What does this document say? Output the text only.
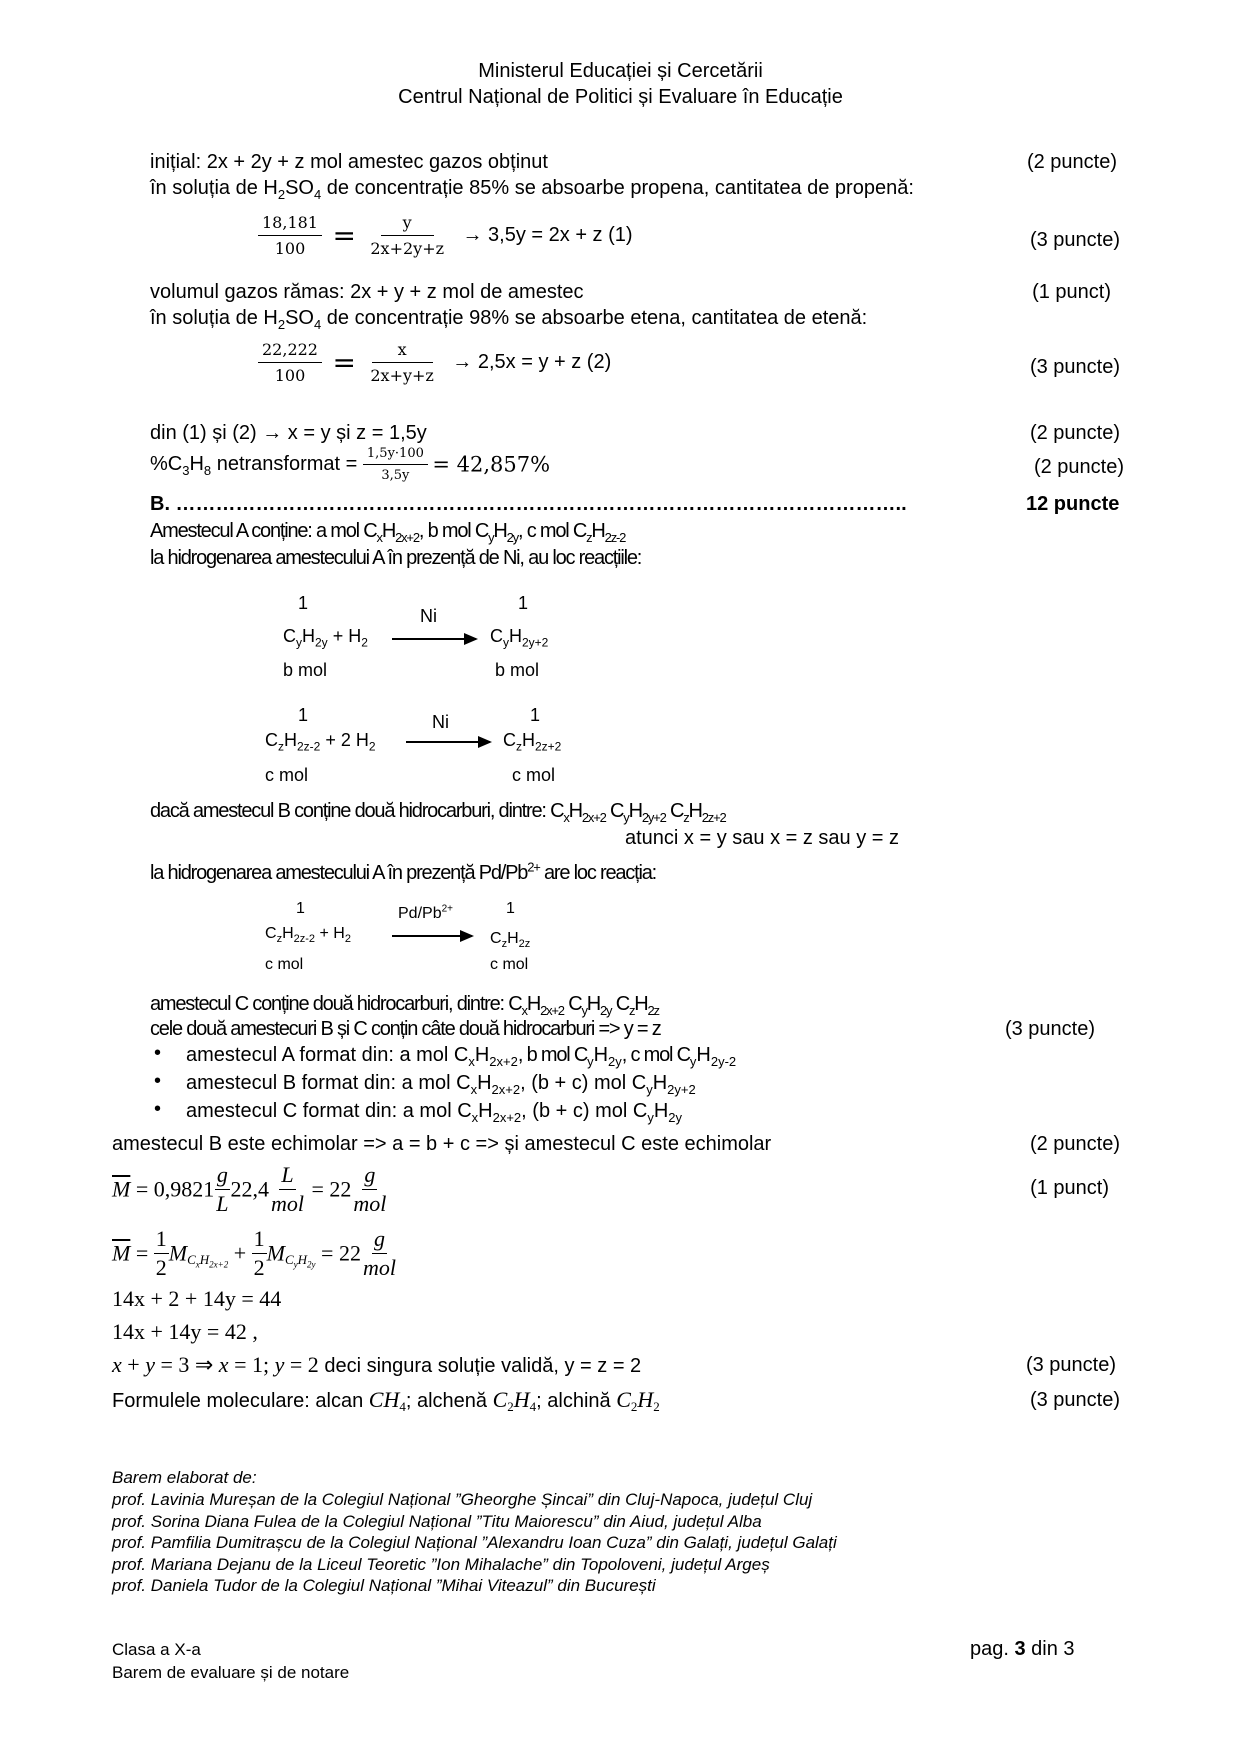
Ministerul Educației și Cercetării
Centrul Național de Politici și Evaluare în Educație
inițial: 2x + 2y + z mol amestec gazos obținut	(2 puncte)
în soluția de $H_2SO_4$ de concentrație 85% se absoarbe propena, cantitatea de propenă:
$\frac{18,181}{100} = \frac{y}{2x+2y+z} \to 3,5y = 2x + z$ (1)	(3 puncte)
volumul gazos rămas: 2x + y + z mol de amestec	(1 punct)
în soluția de $H_2SO_4$ de concentrație 98% se absoarbe etena, cantitatea de etenă:
$\frac{22,222}{100} = \frac{x}{2x+y+z} \to 2,5x = y + z$ (2)	(3 puncte)
din (1) și (2) → x = y și z = 1,5y	(2 puncte)
$\%C_3H_8$ netransformat = $\frac{1,5y\cdot 100}{3,5y} = 42,857\%$	(2 puncte)
B. ………………………………………………………………………………………………..	12 puncte
Amestecul A conține: a mol $C_xH_{2x+2}$, b mol $C_yH_{2y}$, c mol $C_zH_{2z-2}$
la hidrogenarea amestecului A în prezență de Ni, au loc reacțiile:
1	1
Ni
$C_yH_{2y} + H_2$	$C_yH_{2y+2}$
b mol	b mol
1	1
Ni
$C_zH_{2z-2} + 2$ $H_2$	$C_zH_{2z+2}$
c mol	c mol
dacă amestecul B conține două hidrocarburi, dintre: $C_xH_{2x+2}$ $C_yH_{2y+2}$ $C_zH_{2z+2}$
atunci x = y sau x = z sau y = z
la hidrogenarea amestecului A în prezență $Pd/Pb^{2+}$ are loc reacția:
1	1
$Pd/Pb^{2+}$
$C_zH_{2z-2} + H_2$	$C_zH_{2z}$
c mol	c mol
amestecul C conține două hidrocarburi, dintre: $C_xH_{2x+2}$ $C_yH_{2y}$ $C_zH_{2z}$
cele două amestecuri B și C conțin câte două hidrocarburi => y = z	(3 puncte)
• amestecul A format din: a mol $C_xH_{2x+2}$, b mol $C_yH_{2y}$, c mol $C_yH_{2y-2}$
• amestecul B format din: a mol $C_xH_{2x+2}$, (b + c) mol $C_yH_{2y+2}$
• amestecul C format din: a mol $C_xH_{2x+2}$, (b + c) mol $C_yH_{2y}$
amestecul B este echimolar => a = b + c => și amestecul C este echimolar	(2 puncte)
$\overline{M} = 0,9821 \frac{g}{L} 22,4 \frac{L}{\text{mol}} = 22 \frac{g}{\text{mol}}$	(1 punct)
$\overline{M} = \frac{1}{2} M_{C_xH_{2x+2}} + \frac{1}{2} M_{C_yH_{2y}} = 22 \frac{g}{\text{mol}}$
14x + 2 + 14y = 44
14x + 14y = 42 ,
x + y = 3 ⇒ x = 1; y = 2 deci singura soluție validă, y = z = 2	(3 puncte)
Formulele moleculare: alcan $CH_4$; alchenă $C_2H_4$; alchină $C_2H_2$	(3 puncte)
Barem elaborat de:
prof. Lavinia Mureșan de la Colegiul Național ”Gheorghe Șincai” din Cluj-Napoca, județul Cluj
prof. Sorina Diana Fulea de la Colegiul Național ”Titu Maiorescu” din Aiud, județul Alba
prof. Pamfilia Dumitrașcu de la Colegiul Național ”Alexandru Ioan Cuza” din Galați, județul Galați
prof. Mariana Dejanu de la Liceul Teoretic ”Ion Mihalache” din Topoloveni, județul Argeș
prof. Daniela Tudor de la Colegiul Național ”Mihai Viteazul” din București
Clasa a X-a
Barem de evaluare și de notare
pag. 3 din 3
